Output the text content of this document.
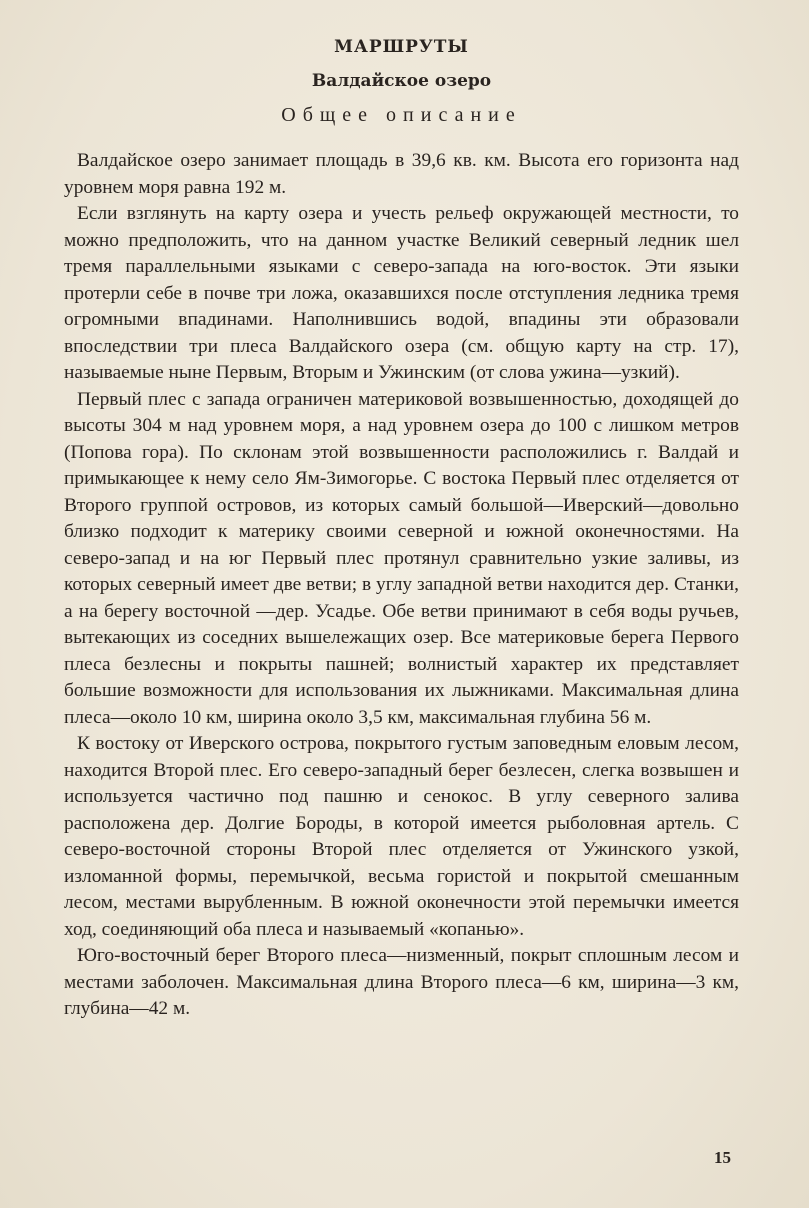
МАРШРУТЫ
Валдайское озеро
Общее описание

Валдайское озеро занимает площадь в 39,6 кв. км. Высота его горизонта над уровнем моря равна 192 м.

Если взглянуть на карту озера и учесть рельеф окружающей местности, то можно предположить, что на данном участке Великий северный ледник шел тремя параллельными языками с северо-запада на юго-восток. Эти языки протерли себе в почве три ложа, оказавшихся после отступления ледника тремя огромными впадинами. Наполнившись водой, впадины эти образовали впоследствии три плеса Валдайского озера (см. общую карту на стр. 17), называемые ныне Первым, Вторым и Ужинским (от слова ужина—узкий).

Первый плес с запада ограничен материковой возвышенностью, доходящей до высоты 304 м над уровнем моря, а над уровнем озера до 100 с лишком метров (Попова гора). По склонам этой возвышенности расположились г. Валдай и примыкающее к нему село Ям-Зимогорье. С востока Первый плес отделяется от Второго группой островов, из которых самый большой—Иверский—довольно близко подходит к материку своими северной и южной оконечностями. На северо-запад и на юг Первый плес протянул сравнительно узкие заливы, из которых северный имеет две ветви; в углу западной ветви находится дер. Станки, а на берегу восточной —дер. Усадье. Обе ветви принимают в себя воды ручьев, вытекающих из соседних вышележащих озер. Все материковые берега Первого плеса безлесны и покрыты пашней; волнистый характер их представляет большие возможности для использования их лыжниками. Максимальная длина плеса—около 10 км, ширина около 3,5 км, максимальная глубина 56 м.

К востоку от Иверского острова, покрытого густым заповедным еловым лесом, находится Второй плес. Его северо-западный берег безлесен, слегка возвышен и используется частично под пашню и сенокос. В углу северного залива расположена дер. Долгие Бороды, в которой имеется рыболовная артель. С северо-восточной стороны Второй плес отделяется от Ужинского узкой, изломанной формы, перемычкой, весьма гористой и покрытой смешанным лесом, местами вырубленным. В южной оконечности этой перемычки имеется ход, соединяющий оба плеса и называемый «копанью».

Юго-восточный берег Второго плеса—низменный, покрыт сплошным лесом и местами заболочен. Максимальная длина Второго плеса—6 км, ширина—3 км, глубина—42 м.

15
